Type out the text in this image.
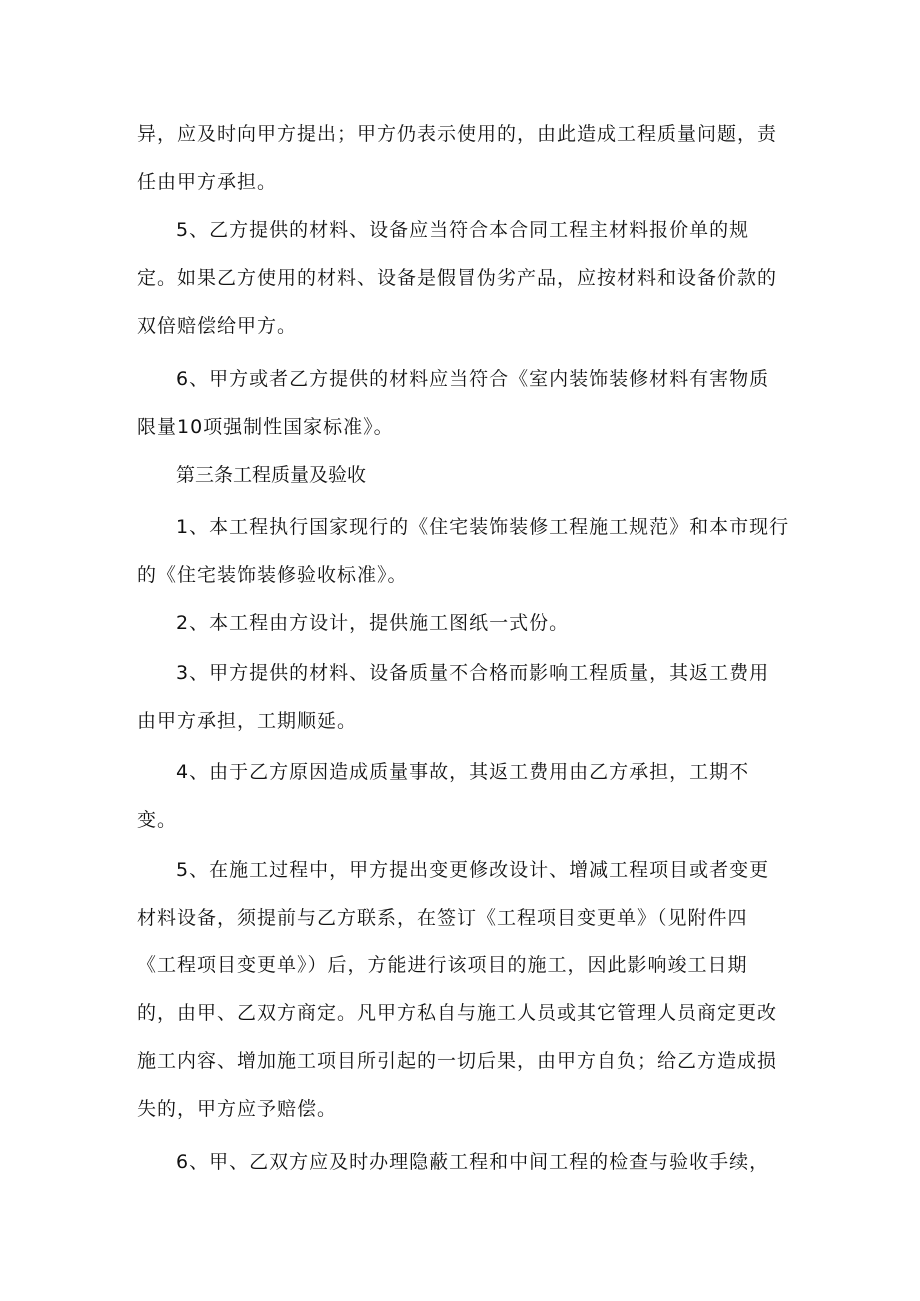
异，应及时向甲方提出；甲方仍表示使用的，由此造成工程质量问题，责
任由甲方承担。
5、乙方提供的材料、设备应当符合本合同工程主材料报价单的规
定。如果乙方使用的材料、设备是假冒伪劣产品，应按材料和设备价款的
双倍赔偿给甲方。
6、甲方或者乙方提供的材料应当符合《室内装饰装修材料有害物质
限量10项强制性国家标准》。
第三条工程质量及验收
1、本工程执行国家现行的《住宅装饰装修工程施工规范》和本市现行
的《住宅装饰装修验收标准》。
2、本工程由方设计，提供施工图纸一式份。
3、甲方提供的材料、设备质量不合格而影响工程质量，其返工费用
由甲方承担，工期顺延。
4、由于乙方原因造成质量事故，其返工费用由乙方承担，工期不
变。
5、在施工过程中，甲方提出变更修改设计、增减工程项目或者变更
材料设备，须提前与乙方联系，在签订《工程项目变更单》（见附件四
《工程项目变更单》）后，方能进行该项目的施工，因此影响竣工日期
的，由甲、乙双方商定。凡甲方私自与施工人员或其它管理人员商定更改
施工内容、增加施工项目所引起的一切后果，由甲方自负；给乙方造成损
失的，甲方应予赔偿。
6、甲、乙双方应及时办理隐蔽工程和中间工程的检查与验收手续，
